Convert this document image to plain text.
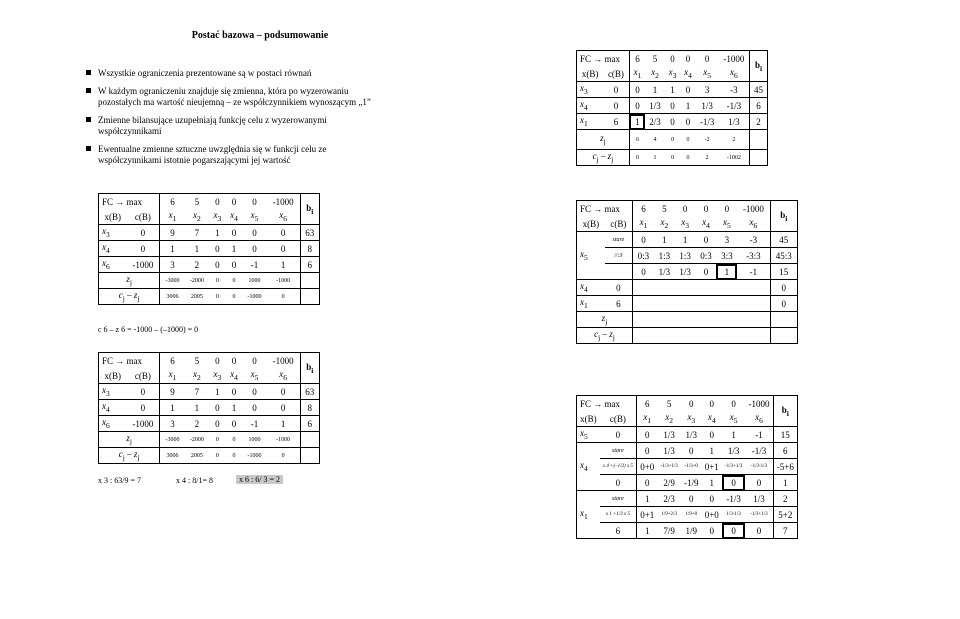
Postać bazowa – podsumowanie
Wszystkie ograniczenia prezentowane są w postaci równań
W każdym ograniczeniu znajduje się zmienna, która po wyzerowaniu pozostałych ma wartość nieujemną – ze współczynnikiem wynoszącym „1”
Zmienne bilansujące uzupełniają funkcję celu z wyzerowanymi współczynnikami
Ewentualne zmienne sztuczne uwzględnia się w funkcji celu ze współczynnikami istotnie pogarszającymi jej wartość
FC → max		6	5	0	0	0	-1000	$b_i$
x(B)	c(B)	$x_1$	$x_2$	$x_3$	$x_4$	$x_5$	$x_6$
$x_3$	0	0	1	1	0	3	-3	45
$x_4$	0	0	1/3	0	1	1/3	-1/3	6
$x_1$	6	1	2/3	0	0	-1/3	1/3	2
$z_j$		6	4	0	0	-2	2	
$c_j - z_j$		0	1	0	0	2	-1002	
FC → max		6	5	0	0	0	-1000	$b_i$
x(B)	c(B)	$x_1$	$x_2$	$x_3$	$x_4$	$x_5$	$x_6$
$x_3$	0	9	7	1	0	0	0	63
$x_4$	0	1	1	0	1	0	0	8
$x_6$	-1000	3	2	0	0	-1	1	6
$z_j$		-3000	-2000	0	0	1000	-1000	
$c_j - z_j$		3006	2005	0	0	-1000	0	
c 6 – z 6 = -1000 – (–1000) = 0
FC → max		6	5	0	0	0	-1000	$b_i$
x(B)	c(B)	$x_1$	$x_2$	$x_3$	$x_4$	$x_5$	$x_6$
$x_3$	0	9	7	1	0	0	0	63
$x_4$	0	1	1	0	1	0	0	8
$x_6$	-1000	3	2	0	0	-1	1	6
$z_j$		-3000	-2000	0	0	1000	-1000	
$c_j - z_j$		3006	2005	0	0	-1000	0	
x 3 : 63/9 = 7	x 4 : 8/1= 8	x 6 : 6/ 3 = 2
FC → max		6	5	0	0	0	-1000	$b_i$
x(B)	c(B)	$x_1$	$x_2$	$x_3$	$x_4$	$x_5$	$x_6$
$x_5$	stare	0	1	1	0	3	-3	45
	//:3	0:3	1:3	1:3	0:3	3:3	-3:3	45:3
		0	1/3	1/3	0	1	-1	15
$x_4$	0							0
$x_1$	6							0
$z_j$							
$c_j - z_j$							
FC → max		6	5	0	0	0	-1000	$b_i$
x(B)	c(B)	$x_1$	$x_2$	$x_3$	$x_4$	$x_5$	$x_6$
$x_5$	0	0	1/3	1/3	0	1	-1	15
$x_4$	stare	0	1/3	0	1	1/3	-1/3	6
	x 4 +(–1/3) x 5	0+0	-1/3+1/3	-1/3+0	0+1	-1/3+1/3	-1/3-1/3	-5+6
	0	0	2/9	-1/9	1	0	0	1
$x_1$	stare	1	2/3	0	0	-1/3	1/3	2
	x 1 +1/3 x 5	0+1	1/9+2/3	1/9+0	0+0	1/3-1/3	-1/3+1/3	5+2
	6	1	7/9	1/9	0	0	0	7
